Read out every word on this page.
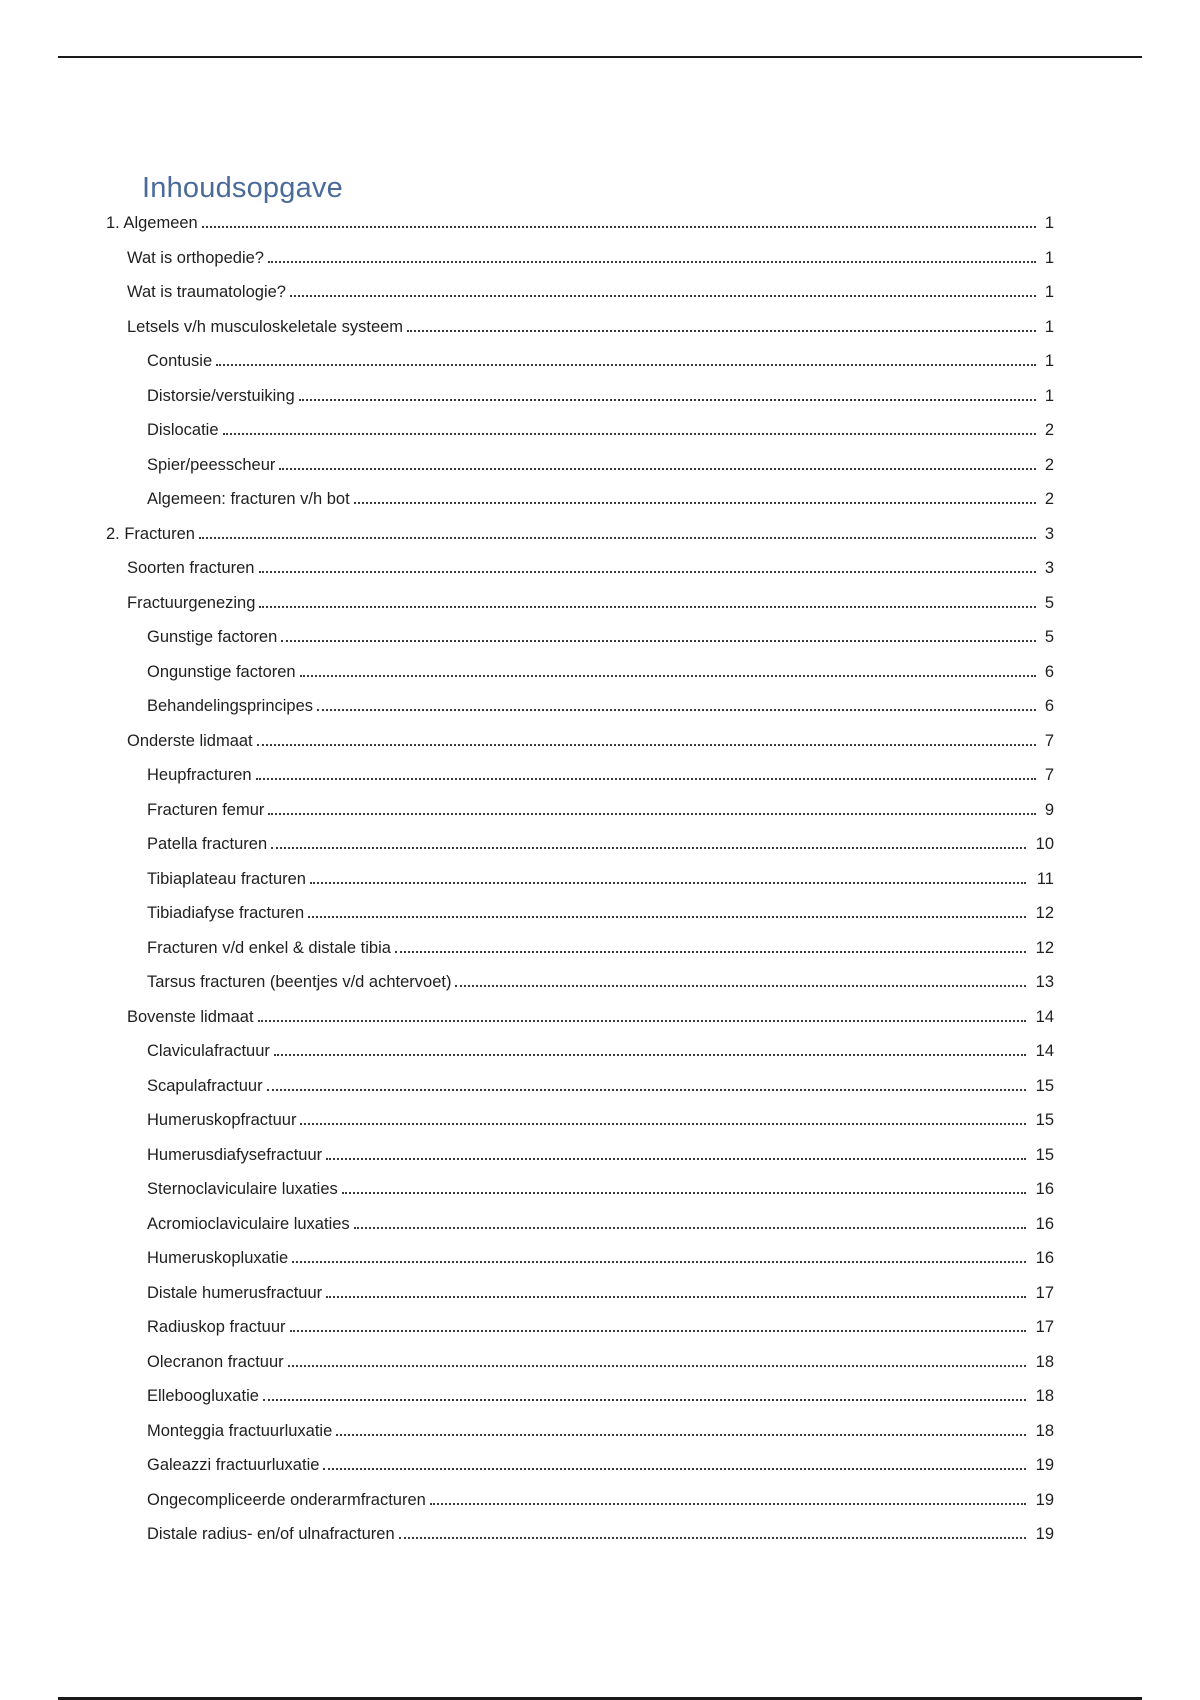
Inhoudsopgave
1. Algemeen	1
Wat is orthopedie?	1
Wat is traumatologie?	1
Letsels v/h musculoskeletale systeem	1
Contusie	1
Distorsie/verstuiking	1
Dislocatie	2
Spier/peesscheur	2
Algemeen: fracturen v/h bot	2
2. Fracturen	3
Soorten fracturen	3
Fractuurgenezing	5
Gunstige factoren	5
Ongunstige factoren	6
Behandelingsprincipes	6
Onderste lidmaat	7
Heupfracturen	7
Fracturen femur	9
Patella fracturen	10
Tibiaplateau fracturen	11
Tibiadiafyse fracturen	12
Fracturen v/d enkel & distale tibia	12
Tarsus fracturen (beentjes v/d achtervoet)	13
Bovenste lidmaat	14
Claviculafractuur	14
Scapulafractuur	15
Humeruskopfractuur	15
Humerusdiafysefractuur	15
Sternoclaviculaire luxaties	16
Acromioclaviculaire luxaties	16
Humeruskopluxatie	16
Distale humerusfractuur	17
Radiuskop fractuur	17
Olecranon fractuur	18
Elleboogluxatie	18
Monteggia fractuurluxatie	18
Galeazzi fractuurluxatie	19
Ongecompliceerde onderarmfracturen	19
Distale radius- en/of ulnafracturen	19
